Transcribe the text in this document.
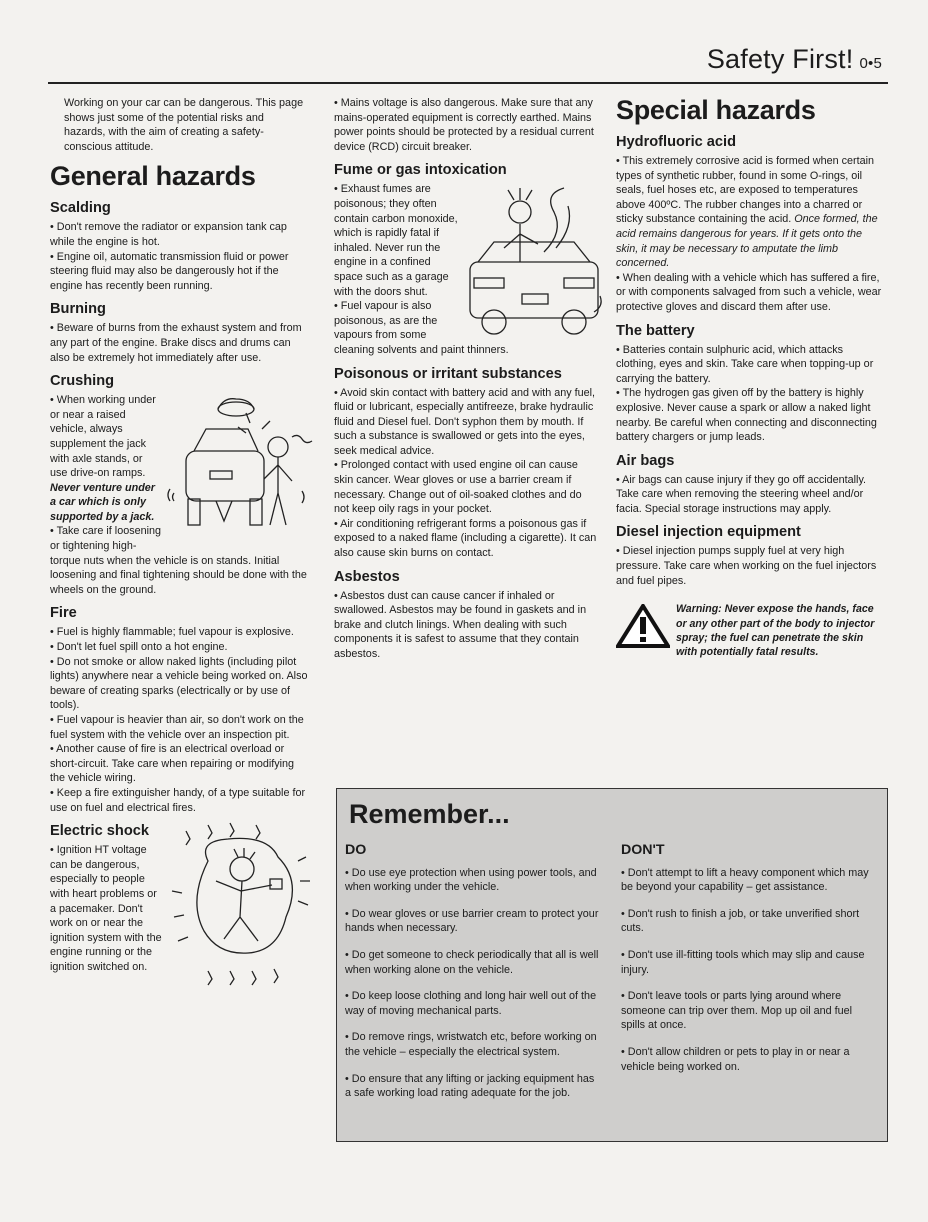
Safety First! 0•5

Working on your car can be dangerous. This page shows just some of the potential risks and hazards, with the aim of creating a safety-conscious attitude.

General hazards
Scalding

• Don't remove the radiator or expansion tank cap while the engine is hot.

• Engine oil, automatic transmission fluid or power steering fluid may also be dangerously hot if the engine has recently been running.

Burning

• Beware of burns from the exhaust system and from any part of the engine. Brake discs and drums can also be extremely hot immediately after use.

Crushing

• When working under or near a raised vehicle, always supplement the jack with axle stands, or use drive-on ramps.

Never venture under a car which is only supported by a jack.

• Take care if loosening or tightening high-torque nuts when the vehicle is on stands. Initial loosening and final tightening should be done with the wheels on the ground.

Fire

• Fuel is highly flammable; fuel vapour is explosive.

• Don't let fuel spill onto a hot engine.

• Do not smoke or allow naked lights (including pilot lights) anywhere near a vehicle being worked on. Also beware of creating sparks (electrically or by use of tools).

• Fuel vapour is heavier than air, so don't work on the fuel system with the vehicle over an inspection pit.

• Another cause of fire is an electrical overload or short-circuit. Take care when repairing or modifying the vehicle wiring.

• Keep a fire extinguisher handy, of a type suitable for use on fuel and electrical fires.

Electric shock

• Ignition HT voltage can be dangerous, especially to people with heart problems or a pacemaker. Don't work on or near the ignition system with the engine running or the ignition switched on.

• Mains voltage is also dangerous. Make sure that any mains-operated equipment is correctly earthed. Mains power points should be protected by a residual current device (RCD) circuit breaker.

Fume or gas intoxication

• Exhaust fumes are poisonous; they often contain carbon monoxide, which is rapidly fatal if inhaled. Never run the engine in a confined space such as a garage with the doors shut.

• Fuel vapour is also poisonous, as are the vapours from some cleaning solvents and paint thinners.

Poisonous or irritant substances

• Avoid skin contact with battery acid and with any fuel, fluid or lubricant, especially antifreeze, brake hydraulic fluid and Diesel fuel. Don't syphon them by mouth. If such a substance is swallowed or gets into the eyes, seek medical advice.

• Prolonged contact with used engine oil can cause skin cancer. Wear gloves or use a barrier cream if necessary. Change out of oil-soaked clothes and do not keep oily rags in your pocket.

• Air conditioning refrigerant forms a poisonous gas if exposed to a naked flame (including a cigarette). It can also cause skin burns on contact.

Asbestos

• Asbestos dust can cause cancer if inhaled or swallowed. Asbestos may be found in gaskets and in brake and clutch linings. When dealing with such components it is safest to assume that they contain asbestos.

Special hazards
Hydrofluoric acid

• This extremely corrosive acid is formed when certain types of synthetic rubber, found in some O-rings, oil seals, fuel hoses etc, are exposed to temperatures above 400ºC. The rubber changes into a charred or sticky substance containing the acid. Once formed, the acid remains dangerous for years. If it gets onto the skin, it may be necessary to amputate the limb concerned.

• When dealing with a vehicle which has suffered a fire, or with components salvaged from such a vehicle, wear protective gloves and discard them after use.

The battery

• Batteries contain sulphuric acid, which attacks clothing, eyes and skin. Take care when topping-up or carrying the battery.

• The hydrogen gas given off by the battery is highly explosive. Never cause a spark or allow a naked light nearby. Be careful when connecting and disconnecting battery chargers or jump leads.

Air bags

• Air bags can cause injury if they go off accidentally. Take care when removing the steering wheel and/or facia. Special storage instructions may apply.

Diesel injection equipment

• Diesel injection pumps supply fuel at very high pressure. Take care when working on the fuel injectors and fuel pipes.

Warning: Never expose the hands, face or any other part of the body to injector spray; the fuel can penetrate the skin with potentially fatal results.
Remember...
DO

• Do use eye protection when using power tools, and when working under the vehicle.

• Do wear gloves or use barrier cream to protect your hands when necessary.

• Do get someone to check periodically that all is well when working alone on the vehicle.

• Do keep loose clothing and long hair well out of the way of moving mechanical parts.

• Do remove rings, wristwatch etc, before working on the vehicle – especially the electrical system.

• Do ensure that any lifting or jacking equipment has a safe working load rating adequate for the job.

DON'T

• Don't attempt to lift a heavy component which may be beyond your capability – get assistance.

• Don't rush to finish a job, or take unverified short cuts.

• Don't use ill-fitting tools which may slip and cause injury.

• Don't leave tools or parts lying around where someone can trip over them. Mop up oil and fuel spills at once.

• Don't allow children or pets to play in or near a vehicle being worked on.
